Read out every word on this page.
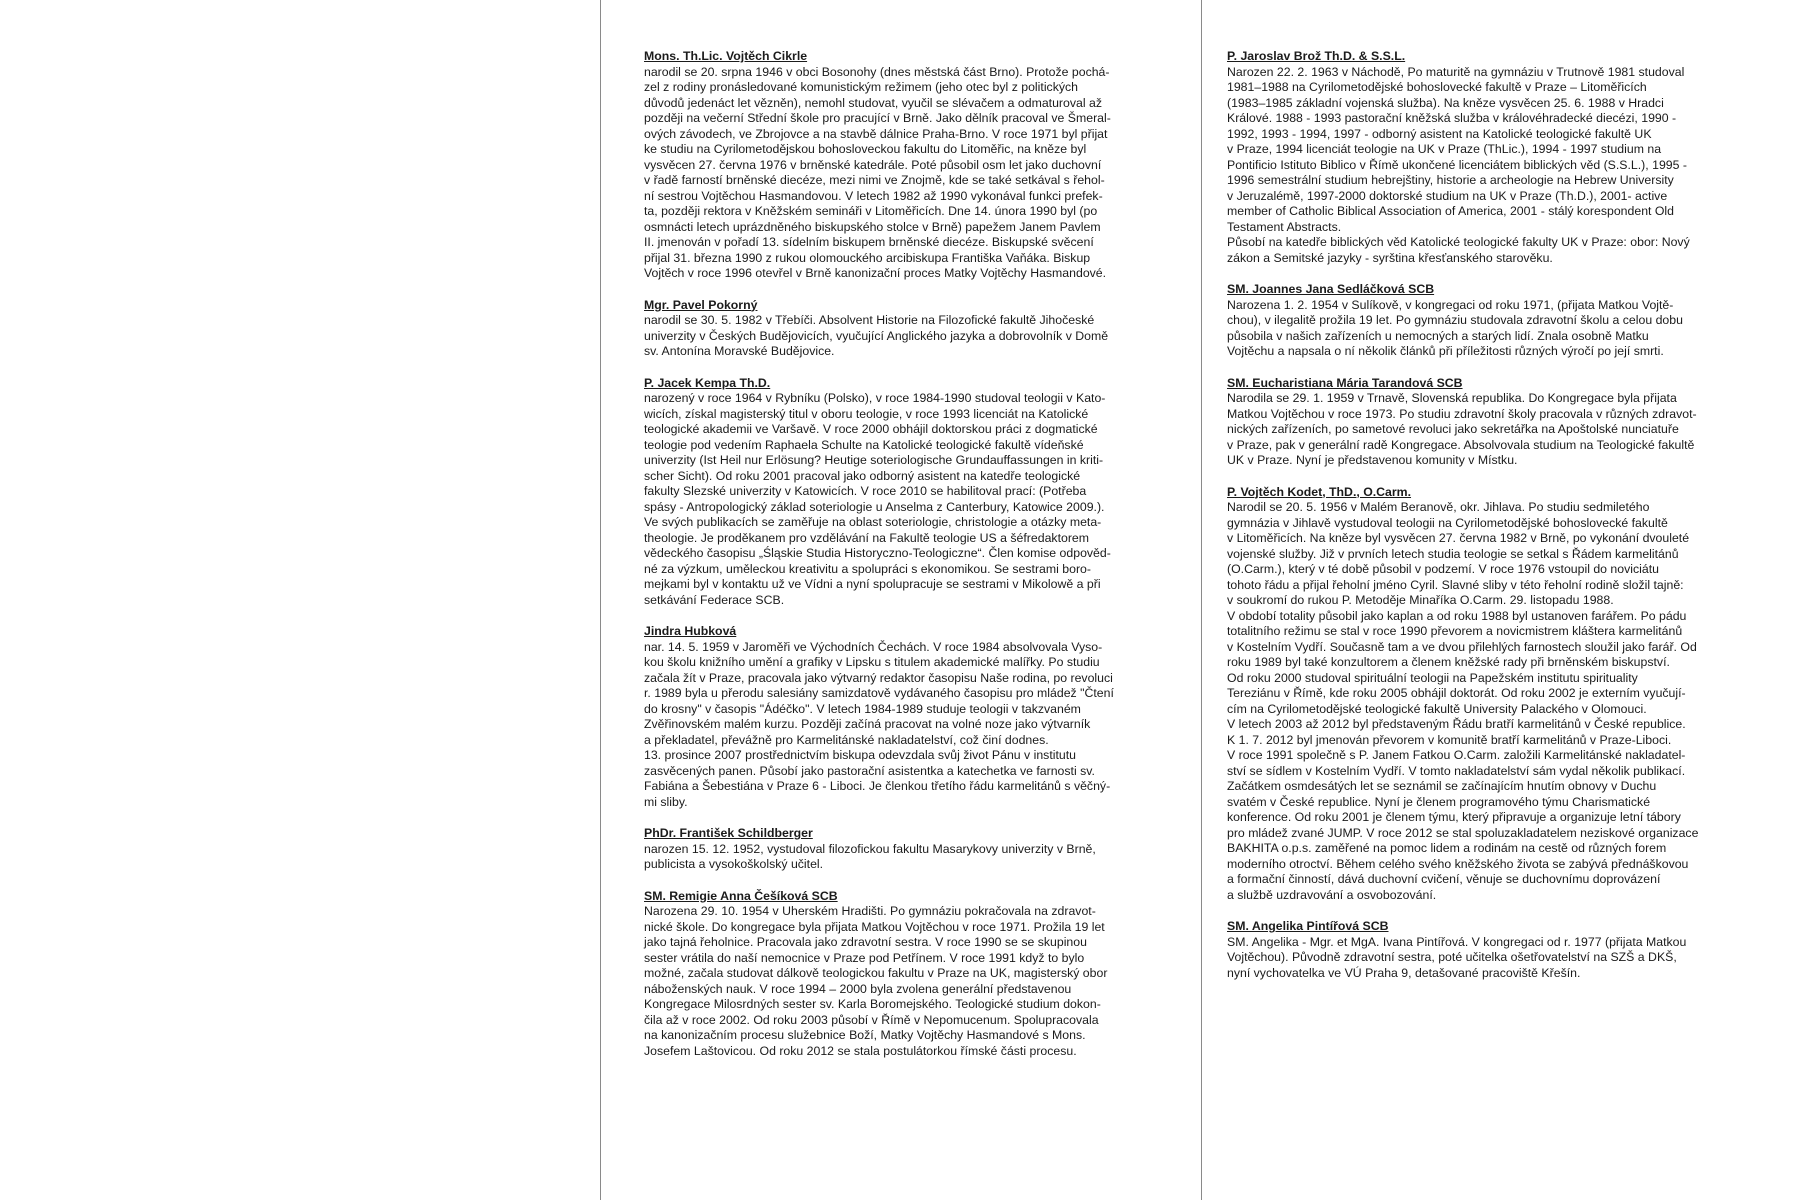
Mons. Th.Lic. Vojtěch Cikrle
narodil se 20. srpna 1946 v obci Bosonohy (dnes městská část Brno). Protože pochá-
zel z rodiny pronásledované komunistickým režimem (jeho otec byl z politických
důvodů jedenáct let vězněn), nemohl studovat, vyučil se slévačem a odmaturoval až
později na večerní Střední škole pro pracující v Brně. Jako dělník pracoval ve Šmeral-
ových závodech, ve Zbrojovce a na stavbě dálnice Praha-Brno. V roce 1971 byl přijat
ke studiu na Cyrilometodějskou bohosloveckou fakultu do Litoměřic, na kněze byl
vysvěcen 27. června 1976 v brněnské katedrále. Poté působil osm let jako duchovní
v řadě farností brněnské diecéze, mezi nimi ve Znojmě, kde se také setkával s řehol-
ní sestrou Vojtěchou Hasmandovou. V letech 1982 až 1990 vykonával funkci prefek-
ta, později rektora v Kněžském semináři v Litoměřicích. Dne 14. února 1990 byl (po
osmnácti letech uprázdněného biskupského stolce v Brně) papežem Janem Pavlem
II. jmenován v pořadí 13. sídelním biskupem brněnské diecéze. Biskupské svěcení
přijal 31. března 1990 z rukou olomouckého arcibiskupa Františka Vaňáka. Biskup
Vojtěch v roce 1996 otevřel v Brně kanonizační proces Matky Vojtěchy Hasmandové.
Mgr. Pavel Pokorný
narodil se 30. 5. 1982 v Třebíči. Absolvent Historie na Filozofické fakultě Jihočeské
univerzity v Českých Budějovicích, vyučující Anglického jazyka a dobrovolník v Domě
sv. Antonína Moravské Budějovice.
P. Jacek Kempa Th.D.
narozený v roce 1964 v Rybníku (Polsko), v roce 1984-1990 studoval teologii v Kato-
wicích, získal magisterský titul v oboru teologie, v roce 1993 licenciát na Katolické
teologické akademii ve Varšavě. V roce 2000 obhájil doktorskou práci z dogmatické
teologie pod vedením Raphaela Schulte na Katolické teologické fakultě vídeňské
univerzity (Ist Heil nur Erlösung? Heutige soteriologische Grundauffassungen in kriti-
scher Sicht). Od roku 2001 pracoval jako odborný asistent na katedře teologické
fakulty Slezské univerzity v Katowicích. V roce 2010 se habilitoval prací: (Potřeba
spásy - Antropologický základ soteriologie u Anselma z Canterbury, Katowice 2009.).
Ve svých publikacích se zaměřuje na oblast soteriologie, christologie a otázky meta-
theologie. Je proděkanem pro vzdělávání na Fakultě teologie US a šéfredaktorem
vědeckého časopisu „Śląskie Studia Historyczno-Teologiczne“. Člen komise odpověd-
né za výzkum, uměleckou kreativitu a spolupráci s ekonomikou. Se sestrami boro-
mejkami byl v kontaktu už ve Vídni a nyní spolupracuje se sestrami v Mikolowě a při
setkávání Federace SCB.
Jindra Hubková
nar. 14. 5. 1959 v Jaroměři ve Východních Čechách. V roce 1984 absolvovala Vyso-
kou školu knižního umění a grafiky v Lipsku s titulem akademické malířky. Po studiu
začala žít v Praze, pracovala jako výtvarný redaktor časopisu Naše rodina, po revoluci
r. 1989 byla u přerodu salesiány samizdatově vydávaného časopisu pro mládež "Čtení
do krosny" v časopis "Ádéčko". V letech 1984-1989 studuje teologii v takzvaném
Zvěřinovském malém kurzu. Později začíná pracovat na volné noze jako výtvarník
a překladatel, převážně pro Karmelitánské nakladatelství, což činí dodnes.
13. prosince 2007 prostřednictvím biskupa odevzdala svůj život Pánu v institutu
zasvěcených panen. Působí jako pastorační asistentka a katechetka ve farnosti sv.
Fabiána a Šebestiána v Praze 6 - Liboci. Je členkou třetího řádu karmelitánů s věčný-
mi sliby.
PhDr. František Schildberger
narozen 15. 12. 1952, vystudoval filozofickou fakultu Masarykovy univerzity v Brně,
publicista a vysokoškolský učitel.
SM. Remigie Anna Češíková SCB
Narozena 29. 10. 1954 v Uherském Hradišti. Po gymnáziu pokračovala na zdravot-
nické škole. Do kongregace byla přijata Matkou Vojtěchou v roce 1971. Prožila 19 let
jako tajná řeholnice. Pracovala jako zdravotní sestra. V roce 1990 se se skupinou
sester vrátila do naší nemocnice v Praze pod Petřínem. V roce 1991 když to bylo
možné, začala studovat dálkově teologickou fakultu v Praze na UK, magisterský obor
náboženských nauk. V roce 1994 – 2000 byla zvolena generální představenou
Kongregace Milosrdných sester sv. Karla Boromejského. Teologické studium dokon-
čila až v roce 2002. Od roku 2003 působí v Římě v Nepomucenum. Spolupracovala
na kanonizačním procesu služebnice Boží, Matky Vojtěchy Hasmandové s Mons.
Josefem Laštovicou. Od roku 2012 se stala postulátorkou římské části procesu.
P. Jaroslav Brož Th.D. & S.S.L.
Narozen 22. 2. 1963 v Náchodě, Po maturitě na gymnáziu v Trutnově 1981 studoval
1981–1988 na Cyrilometodějské bohoslovecké fakultě v Praze – Litoměřicích
(1983–1985 základní vojenská služba). Na kněze vysvěcen 25. 6. 1988 v Hradci
Králové. 1988 - 1993 pastorační kněžská služba v královéhradecké diecézi, 1990 -
1992, 1993 - 1994, 1997 - odborný asistent na Katolické teologické fakultě UK
v Praze, 1994 licenciát teologie na UK v Praze (ThLic.), 1994 - 1997 studium na
Pontificio Istituto Biblico v Římě ukončené licenciátem biblických věd (S.S.L.), 1995 -
1996 semestrální studium hebrejštiny, historie a archeologie na Hebrew University
v Jeruzalémě, 1997-2000 doktorské studium na UK v Praze (Th.D.), 2001- active
member of Catholic Biblical Association of America, 2001 - stálý korespondent Old
Testament Abstracts.
Působí na katedře biblických věd Katolické teologické fakulty UK v Praze: obor: Nový
zákon a Semitské jazyky - syrština křesťanského starověku.
SM. Joannes Jana Sedláčková SCB
Narozena 1. 2. 1954 v Sulíkově, v kongregaci od roku 1971, (přijata Matkou Vojtě-
chou), v ilegalitě prožila 19 let. Po gymnáziu studovala zdravotní školu a celou dobu
působila v našich zařízeních u nemocných a starých lidí. Znala osobně Matku
Vojtěchu a napsala o ní několik článků při příležitosti různých výročí po její smrti.
SM. Eucharistiana Mária Tarandová SCB
Narodila se 29. 1. 1959 v Trnavě, Slovenská republika. Do Kongregace byla přijata
Matkou Vojtěchou v roce 1973. Po studiu zdravotní školy pracovala v různých zdravot-
nických zařízeních, po sametové revoluci jako sekretářka na Apoštolské nunciatuře
v Praze, pak v generální radě Kongregace. Absolvovala studium na Teologické fakultě
UK v Praze. Nyní je představenou komunity v Místku.
P. Vojtěch Kodet, ThD., O.Carm.
Narodil se 20. 5. 1956 v Malém Beranově, okr. Jihlava. Po studiu sedmiletého
gymnázia v Jihlavě vystudoval teologii na Cyrilometodějské bohoslovecké fakultě
v Litoměřicích. Na kněze byl vysvěcen 27. června 1982 v Brně, po vykonání dvouleté
vojenské služby. Již v prvních letech studia teologie se setkal s Řádem karmelitánů
(O.Carm.), který v té době působil v podzemí. V roce 1976 vstoupil do noviciátu
tohoto řádu a přijal řeholní jméno Cyril. Slavné sliby v této řeholní rodině složil tajně:
v soukromí do rukou P. Metoděje Minaříka O.Carm. 29. listopadu 1988.
V období totality působil jako kaplan a od roku 1988 byl ustanoven farářem. Po pádu
totalitního režimu se stal v roce 1990 převorem a novicmistrem kláštera karmelitánů
v Kostelním Vydří. Současně tam a ve dvou přilehlých farnostech sloužil jako farář. Od
roku 1989 byl také konzultorem a členem kněžské rady při brněnském biskupství.
Od roku 2000 studoval spirituální teologii na Papežském institutu spirituality
Tereziánu v Římě, kde roku 2005 obhájil doktorát. Od roku 2002 je externím vyučují-
cím na Cyrilometodějské teologické fakultě University Palackého v Olomouci.
V letech 2003 až 2012 byl představeným Řádu bratří karmelitánů v České republice.
K 1. 7. 2012 byl jmenován převorem v komunitě bratří karmelitánů v Praze-Liboci.
V roce 1991 společně s P. Janem Fatkou O.Carm. založili Karmelitánské nakladatel-
ství se sídlem v Kostelním Vydří. V tomto nakladatelství sám vydal několik publikací.
Začátkem osmdesátých let se seznámil se začínajícím hnutím obnovy v Duchu
svatém v České republice. Nyní je členem programového týmu Charismatické
konference. Od roku 2001 je členem týmu, který připravuje a organizuje letní tábory
pro mládež zvané JUMP. V roce 2012 se stal spoluzakladatelem neziskové organizace
BAKHITA o.p.s. zaměřené na pomoc lidem a rodinám na cestě od různých forem
moderního otroctví. Během celého svého kněžského života se zabývá přednáškovou
a formační činností, dává duchovní cvičení, věnuje se duchovnímu doprovázení
a službě uzdravování a osvobozování.
SM. Angelika Pintířová SCB
SM. Angelika - Mgr. et MgA. Ivana Pintířová. V kongregaci od r. 1977 (přijata Matkou
Vojtěchou). Původně zdravotní sestra, poté učitelka ošetřovatelství na SZŠ a DKŠ,
nyní vychovatelka ve VÚ Praha 9, detašované pracoviště Křešín.
